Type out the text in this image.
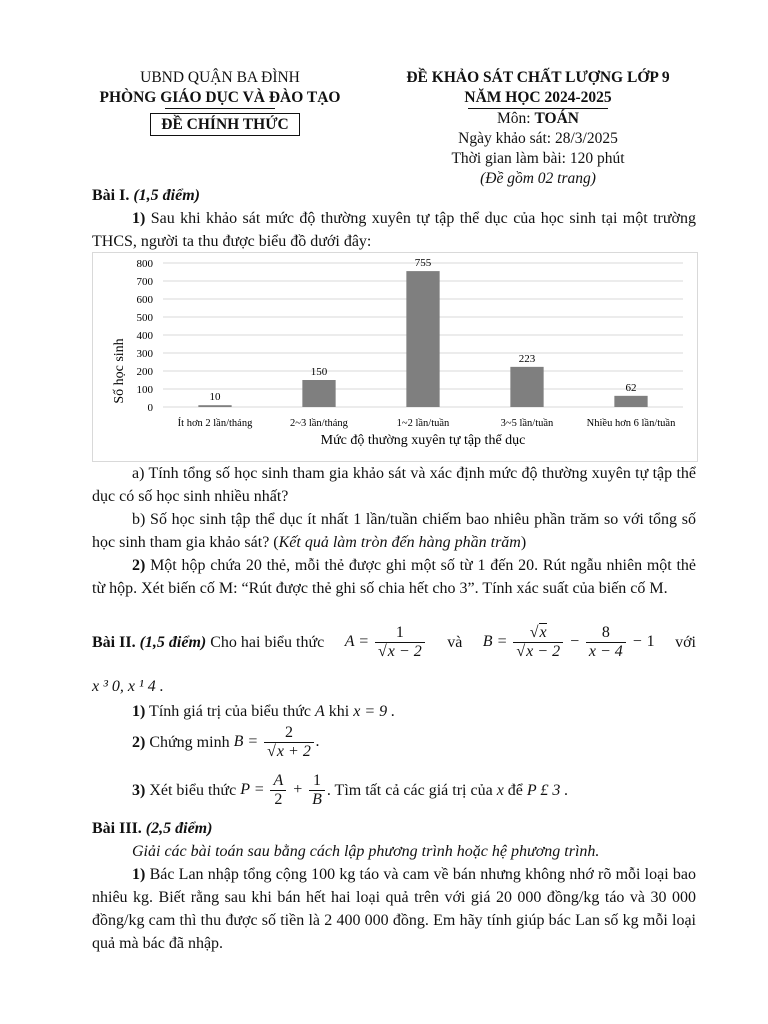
UBND QUẬN BA ĐÌNH
PHÒNG GIÁO DỤC VÀ ĐÀO TẠO
ĐỀ CHÍNH THỨC
ĐỀ KHẢO SÁT CHẤT LƯỢNG LỚP 9
NĂM HỌC 2024-2025
Môn: TOÁN
Ngày khảo sát: 28/3/2025
Thời gian làm bài: 120 phút
(Đề gồm 02 trang)
Bài I. (1,5 điểm)
1) Sau khi khảo sát mức độ thường xuyên tự tập thể dục của học sinh tại một trường THCS, người ta thu được biểu đồ dưới đây:
0
100
200
300
400
500
600
700
800
10
150
755
223
62
Ít hơn 2 lần/tháng	2~3 lần/tháng	1~2 lần/tuần	3~5 lần/tuần	Nhiều hơn 6 lần/tuần
Số học sinh
Mức độ thường xuyên tự tập thể dục
a) Tính tổng số học sinh tham gia khảo sát và xác định mức độ thường xuyên tự tập thể dục có số học sinh nhiều nhất?
b) Số học sinh tập thể dục ít nhất 1 lần/tuần chiếm bao nhiêu phần trăm so với tổng số học sinh tham gia khảo sát? (Kết quả làm tròn đến hàng phần trăm)
2) Một hộp chứa 20 thẻ, mỗi thẻ được ghi một số từ 1 đến 20. Rút ngẫu nhiên một thẻ từ hộp. Xét biến cố M: “Rút được thẻ ghi số chia hết cho 3”. Tính xác suất của biến cố M.
Bài II. (1,5 điểm) Cho hai biểu thức $A = \frac{1}{√x - 2}$ và $B = \frac{√x}{√x - 2} - \frac{8}{x - 4} - 1$ với
x ³ 0, x ¹ 4 .
1) Tính giá trị của biểu thức A khi x = 9 .
2)
Chứng minh
$B = \frac{2}{√x + 2}$ .
3)
Xét biểu thức
$P = \frac{A}{2} + \frac{1}{B}$ . Tìm tất cả các giá trị của
x
để
P £ 3 .
Bài III. (2,5 điểm)
Giải các bài toán sau bằng cách lập phương trình hoặc hệ phương trình.
1) Bác Lan nhập tổng cộng 100 kg táo và cam về bán nhưng không nhớ rõ mỗi loại bao nhiêu kg. Biết rằng sau khi bán hết hai loại quả trên với giá 20 000 đồng/kg táo và 30 000 đồng/kg cam thì thu được số tiền là 2 400 000 đồng. Em hãy tính giúp bác Lan số kg mỗi loại quả mà bác đã nhập.
